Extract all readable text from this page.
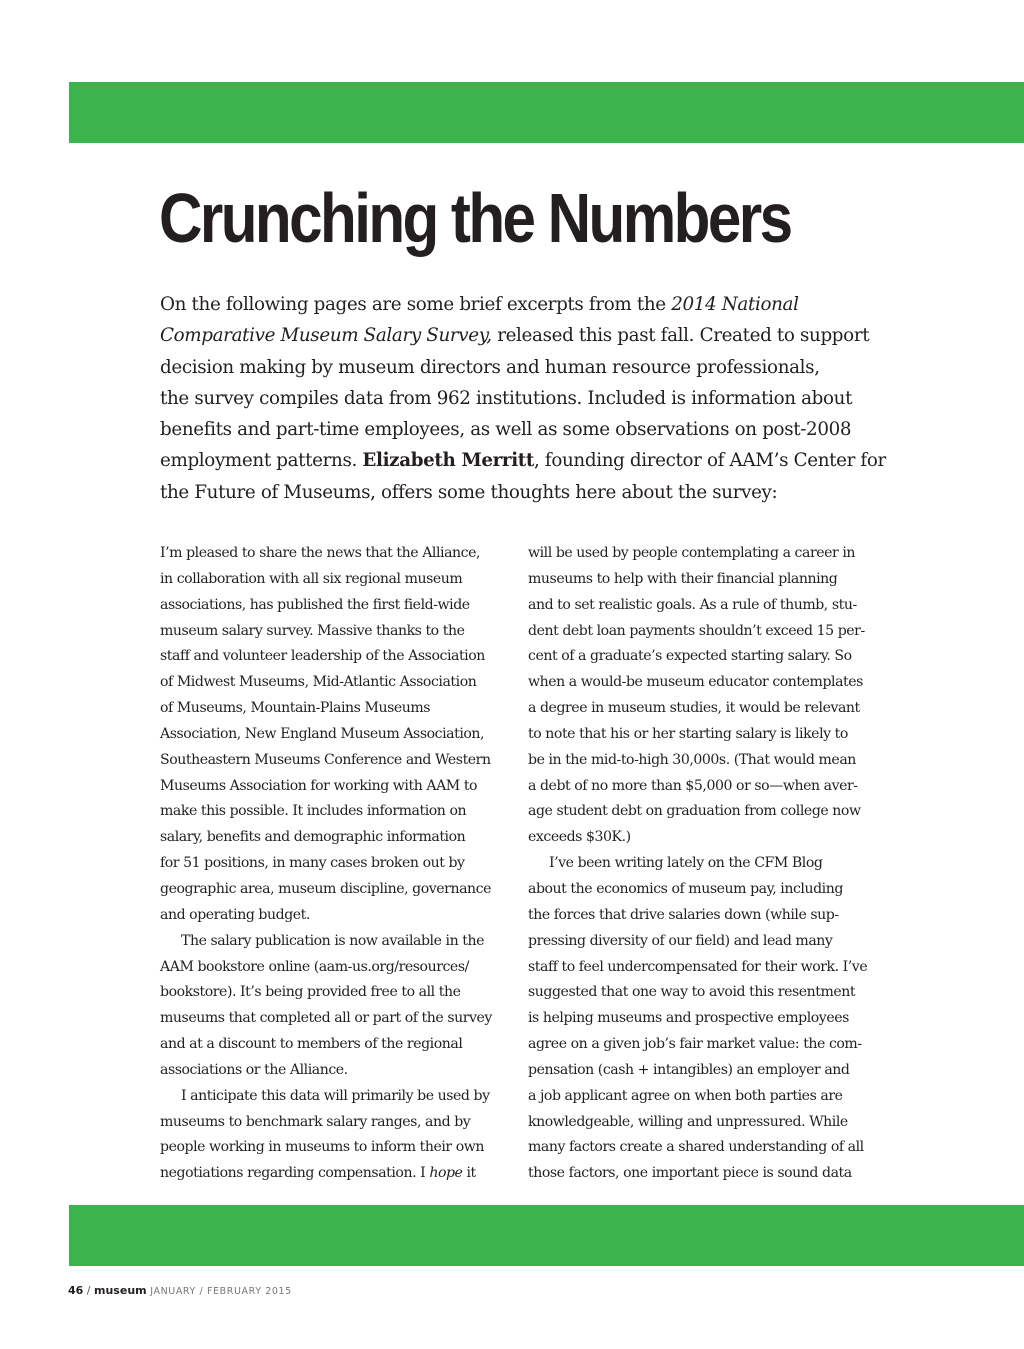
Crunching the Numbers
On the following pages are some brief excerpts from the 2014 National
Comparative Museum Salary Survey, released this past fall. Created to support
decision making by museum directors and human resource professionals,
the survey compiles data from 962 institutions. Included is information about
benefits and part-time employees, as well as some observations on post-2008
employment patterns. Elizabeth Merritt, founding director of AAM’s Center for
the Future of Museums, offers some thoughts here about the survey:
I’m pleased to share the news that the Alliance,
in collaboration with all six regional museum
associations, has published the first field-wide
museum salary survey. Massive thanks to the
staff and volunteer leadership of the Association
of Midwest Museums, Mid-Atlantic Association
of Museums, Mountain-Plains Museums
Association, New England Museum Association,
Southeastern Museums Conference and Western
Museums Association for working with AAM to
make this possible. It includes information on
salary, benefits and demographic information
for 51 positions, in many cases broken out by
geographic area, museum discipline, governance
and operating budget.
The salary publication is now available in the
AAM bookstore online (aam-us.org/resources/
bookstore). It’s being provided free to all the
museums that completed all or part of the survey
and at a discount to members of the regional
associations or the Alliance.
I anticipate this data will primarily be used by
museums to benchmark salary ranges, and by
people working in museums to inform their own
negotiations regarding compensation. I hope it
will be used by people contemplating a career in
museums to help with their financial planning
and to set realistic goals. As a rule of thumb, stu-
dent debt loan payments shouldn’t exceed 15 per-
cent of a graduate’s expected starting salary. So
when a would-be museum educator contemplates
a degree in museum studies, it would be relevant
to note that his or her starting salary is likely to
be in the mid-to-high 30,000s. (That would mean
a debt of no more than $5,000 or so—when aver-
age student debt on graduation from college now
exceeds $30K.)
I’ve been writing lately on the CFM Blog
about the economics of museum pay, including
the forces that drive salaries down (while sup-
pressing diversity of our field) and lead many
staff to feel undercompensated for their work. I’ve
suggested that one way to avoid this resentment
is helping museums and prospective employees
agree on a given job’s fair market value: the com-
pensation (cash + intangibles) an employer and
a job applicant agree on when both parties are
knowledgeable, willing and unpressured. While
many factors create a shared understanding of all
those factors, one important piece is sound data
46 / museum JANUARY / FEBRUARY 2015
